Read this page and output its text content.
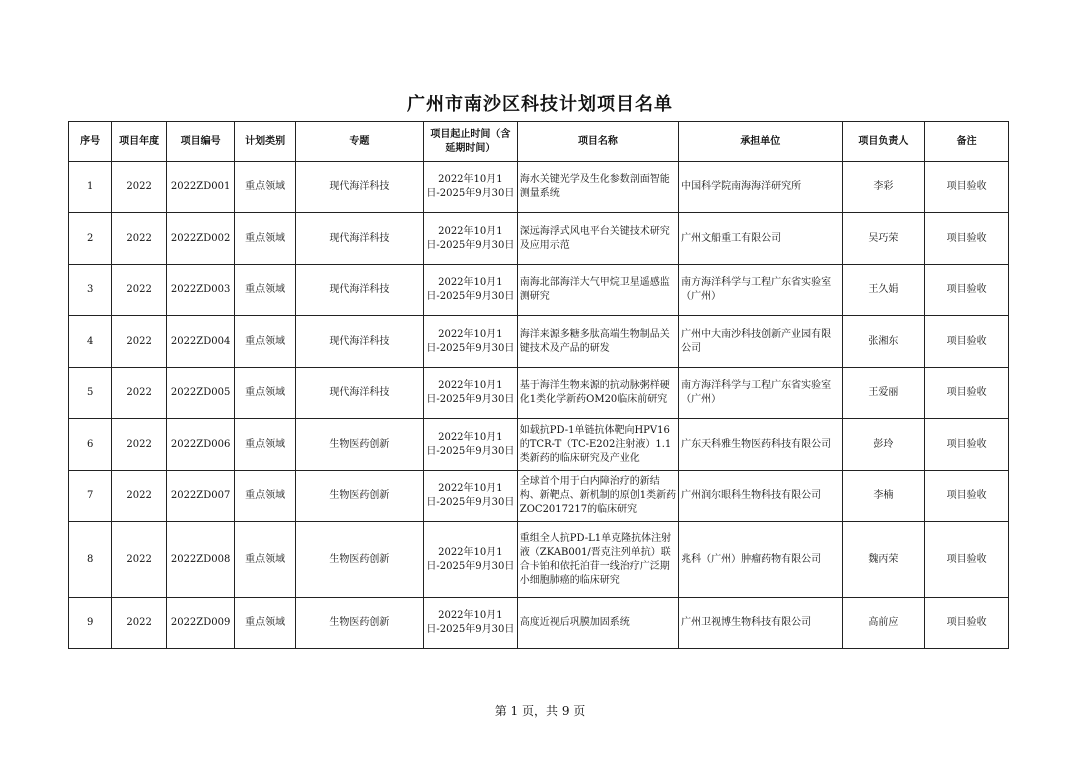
广州市南沙区科技计划项目名单
序号	项目年度	项目编号	计划类别	专题	项目起止时间（含延期时间）	项目名称	承担单位	项目负责人	备注
1	2022	2022ZD001	重点领域	现代海洋科技	2022年10月1日-2025年9月30日	海水关键光学及生化参数剖面智能测量系统	中国科学院南海海洋研究所	李彩	项目验收
2	2022	2022ZD002	重点领域	现代海洋科技	2022年10月1日-2025年9月30日	深远海浮式风电平台关键技术研究及应用示范	广州文船重工有限公司	吴巧荣	项目验收
3	2022	2022ZD003	重点领域	现代海洋科技	2022年10月1日-2025年9月30日	南海北部海洋大气甲烷卫星遥感监测研究	南方海洋科学与工程广东省实验室（广州）	王久娟	项目验收
4	2022	2022ZD004	重点领域	现代海洋科技	2022年10月1日-2025年9月30日	海洋来源多糖多肽高端生物制品关键技术及产品的研发	广州中大南沙科技创新产业园有限公司	张湘东	项目验收
5	2022	2022ZD005	重点领域	现代海洋科技	2022年10月1日-2025年9月30日	基于海洋生物来源的抗动脉粥样硬化1类化学新药OM20临床前研究	南方海洋科学与工程广东省实验室（广州）	王爱丽	项目验收
6	2022	2022ZD006	重点领域	生物医药创新	2022年10月1日-2025年9月30日	如载抗PD-1单链抗体靶向HPV16的TCR-T（TC-E202注射液）1.1类新药的临床研究及产业化	广东天科雅生物医药科技有限公司	彭玲	项目验收
7	2022	2022ZD007	重点领域	生物医药创新	2022年10月1日-2025年9月30日	全球首个用于白内障治疗的新结构、新靶点、新机制的原创1类新药ZOC2017217的临床研究	广州润尔眼科生物科技有限公司	李楠	项目验收
8	2022	2022ZD008	重点领域	生物医药创新	2022年10月1日-2025年9月30日	重组全人抗PD-L1单克隆抗体注射液（ZKAB001/晋克注列单抗）联合卡铂和依托泊苷一线治疗广泛期小细胞肺癌的临床研究	兆科（广州）肿瘤药物有限公司	魏丙荣	项目验收
9	2022	2022ZD009	重点领域	生物医药创新	2022年10月1日-2025年9月30日	高度近视后巩膜加固系统	广州卫视博生物科技有限公司	高前应	项目验收
第 1 页，共 9 页
